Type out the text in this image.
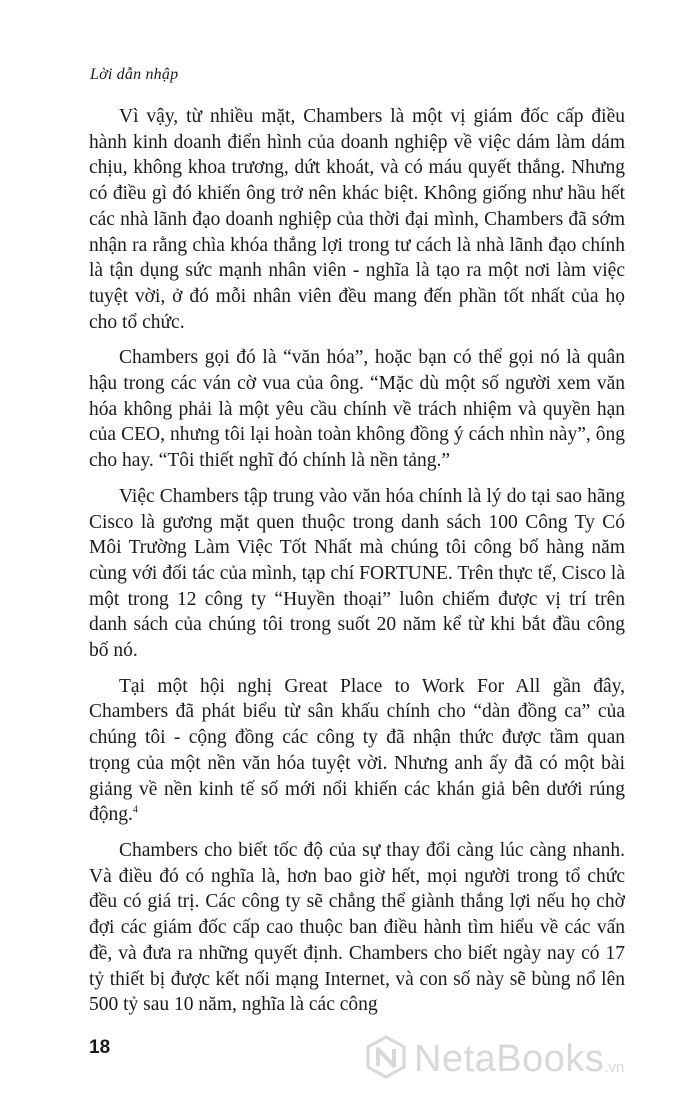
Lời dẫn nhập

Vì vậy, từ nhiều mặt, Chambers là một vị giám đốc cấp điều hành kinh doanh điển hình của doanh nghiệp về việc dám làm dám chịu, không khoa trương, dứt khoát, và có máu quyết thắng. Nhưng có điều gì đó khiến ông trở nên khác biệt. Không giống như hầu hết các nhà lãnh đạo doanh nghiệp của thời đại mình, Chambers đã sớm nhận ra rằng chìa khóa thắng lợi trong tư cách là nhà lãnh đạo chính là tận dụng sức mạnh nhân viên - nghĩa là tạo ra một nơi làm việc tuyệt vời, ở đó mỗi nhân viên đều mang đến phần tốt nhất của họ cho tổ chức.

Chambers gọi đó là “văn hóa”, hoặc bạn có thể gọi nó là quân hậu trong các ván cờ vua của ông. “Mặc dù một số người xem văn hóa không phải là một yêu cầu chính về trách nhiệm và quyền hạn của CEO, nhưng tôi lại hoàn toàn không đồng ý cách nhìn này”, ông cho hay. “Tôi thiết nghĩ đó chính là nền tảng.”

Việc Chambers tập trung vào văn hóa chính là lý do tại sao hãng Cisco là gương mặt quen thuộc trong danh sách 100 Công Ty Có Môi Trường Làm Việc Tốt Nhất mà chúng tôi công bố hàng năm cùng với đối tác của mình, tạp chí FORTUNE. Trên thực tế, Cisco là một trong 12 công ty “Huyền thoại” luôn chiếm được vị trí trên danh sách của chúng tôi trong suốt 20 năm kể từ khi bắt đầu công bố nó.

Tại một hội nghị Great Place to Work For All gần đây, Chambers đã phát biểu từ sân khấu chính cho “dàn đồng ca” của chúng tôi - cộng đồng các công ty đã nhận thức được tầm quan trọng của một nền văn hóa tuyệt vời. Nhưng anh ấy đã có một bài giảng về nền kinh tế số mới nổi khiến các khán giả bên dưới rúng động.$^4$

Chambers cho biết tốc độ của sự thay đổi càng lúc càng nhanh. Và điều đó có nghĩa là, hơn bao giờ hết, mọi người trong tổ chức đều có giá trị. Các công ty sẽ chẳng thể giành thắng lợi nếu họ chờ đợi các giám đốc cấp cao thuộc ban điều hành tìm hiểu về các vấn đề, và đưa ra những quyết định. Chambers cho biết ngày nay có 17 tỷ thiết bị được kết nối mạng Internet, và con số này sẽ bùng nổ lên 500 tỷ sau 10 năm, nghĩa là các công

18	NetaBooks .vn
